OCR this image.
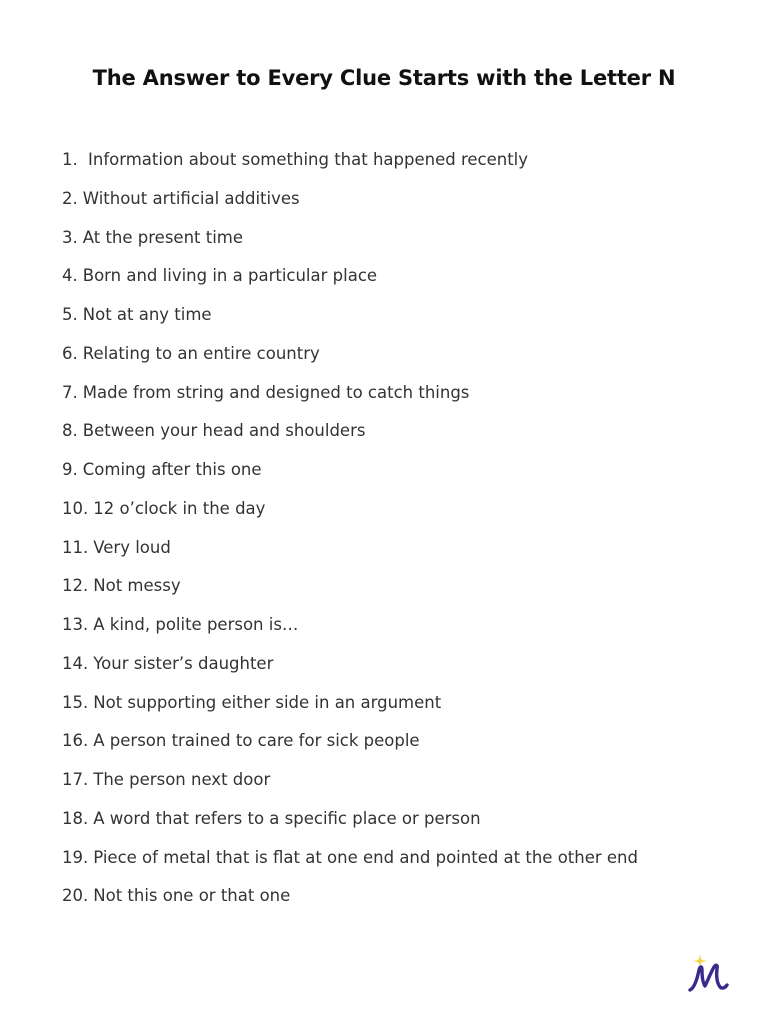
The Answer to Every Clue Starts with the Letter N
1. Information about something that happened recently
2. Without artificial additives
3. At the present time
4. Born and living in a particular place
5. Not at any time
6. Relating to an entire country
7. Made from string and designed to catch things
8. Between your head and shoulders
9. Coming after this one
10. 12 o’clock in the day
11. Very loud
12. Not messy
13. A kind, polite person is…
14. Your sister’s daughter
15. Not supporting either side in an argument
16. A person trained to care for sick people
17. The person next door
18. A word that refers to a specific place or person
19. Piece of metal that is flat at one end and pointed at the other end
20. Not this one or that one
